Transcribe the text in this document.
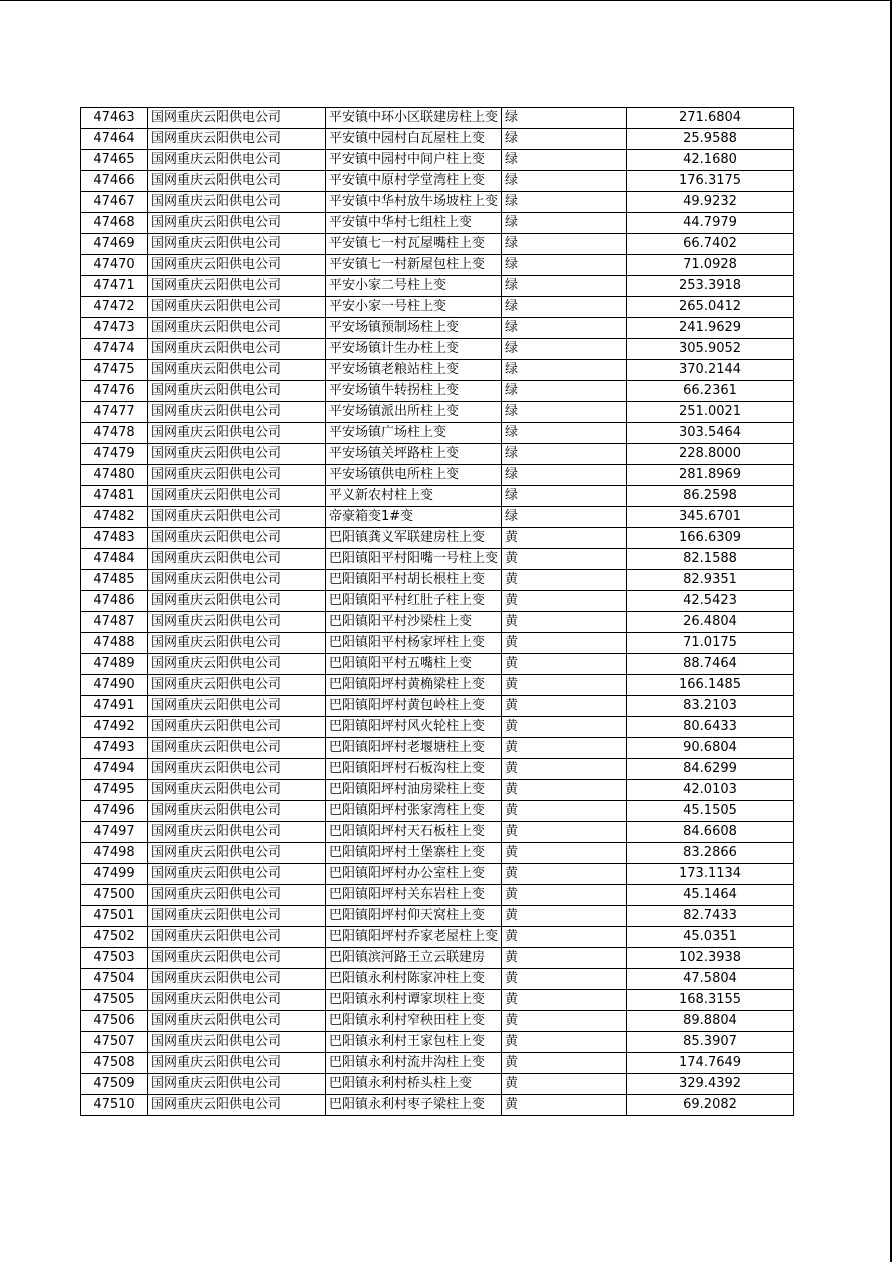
47463	国网重庆云阳供电公司	平安镇中环小区联建房柱上变	绿	271.6804
47464	国网重庆云阳供电公司	平安镇中园村白瓦屋柱上变	绿	25.9588
47465	国网重庆云阳供电公司	平安镇中园村中间户柱上变	绿	42.1680
47466	国网重庆云阳供电公司	平安镇中原村学堂湾柱上变	绿	176.3175
47467	国网重庆云阳供电公司	平安镇中华村放牛场坡柱上变	绿	49.9232
47468	国网重庆云阳供电公司	平安镇中华村七组柱上变	绿	44.7979
47469	国网重庆云阳供电公司	平安镇七一村瓦屋嘴柱上变	绿	66.7402
47470	国网重庆云阳供电公司	平安镇七一村新屋包柱上变	绿	71.0928
47471	国网重庆云阳供电公司	平安小家二号柱上变	绿	253.3918
47472	国网重庆云阳供电公司	平安小家一号柱上变	绿	265.0412
47473	国网重庆云阳供电公司	平安场镇预制场柱上变	绿	241.9629
47474	国网重庆云阳供电公司	平安场镇计生办柱上变	绿	305.9052
47475	国网重庆云阳供电公司	平安场镇老粮站柱上变	绿	370.2144
47476	国网重庆云阳供电公司	平安场镇牛转拐柱上变	绿	66.2361
47477	国网重庆云阳供电公司	平安场镇派出所柱上变	绿	251.0021
47478	国网重庆云阳供电公司	平安场镇广场柱上变	绿	303.5464
47479	国网重庆云阳供电公司	平安场镇关坪路柱上变	绿	228.8000
47480	国网重庆云阳供电公司	平安场镇供电所柱上变	绿	281.8969
47481	国网重庆云阳供电公司	平义新农村柱上变	绿	86.2598
47482	国网重庆云阳供电公司	帝豪箱变1#变	绿	345.6701
47483	国网重庆云阳供电公司	巴阳镇龚义军联建房柱上变	黄	166.6309
47484	国网重庆云阳供电公司	巴阳镇阳平村阳嘴一号柱上变	黄	82.1588
47485	国网重庆云阳供电公司	巴阳镇阳平村胡长根柱上变	黄	82.9351
47486	国网重庆云阳供电公司	巴阳镇阳平村红肚子柱上变	黄	42.5423
47487	国网重庆云阳供电公司	巴阳镇阳平村沙梁柱上变	黄	26.4804
47488	国网重庆云阳供电公司	巴阳镇阳平村杨家坪柱上变	黄	71.0175
47489	国网重庆云阳供电公司	巴阳镇阳平村五嘴柱上变	黄	88.7464
47490	国网重庆云阳供电公司	巴阳镇阳坪村黄桷梁柱上变	黄	166.1485
47491	国网重庆云阳供电公司	巴阳镇阳坪村黄包岭柱上变	黄	83.2103
47492	国网重庆云阳供电公司	巴阳镇阳坪村风火轮柱上变	黄	80.6433
47493	国网重庆云阳供电公司	巴阳镇阳坪村老堰塘柱上变	黄	90.6804
47494	国网重庆云阳供电公司	巴阳镇阳坪村石板沟柱上变	黄	84.6299
47495	国网重庆云阳供电公司	巴阳镇阳坪村油房梁柱上变	黄	42.0103
47496	国网重庆云阳供电公司	巴阳镇阳坪村张家湾柱上变	黄	45.1505
47497	国网重庆云阳供电公司	巴阳镇阳坪村天石板柱上变	黄	84.6608
47498	国网重庆云阳供电公司	巴阳镇阳坪村土堡寨柱上变	黄	83.2866
47499	国网重庆云阳供电公司	巴阳镇阳坪村办公室柱上变	黄	173.1134
47500	国网重庆云阳供电公司	巴阳镇阳坪村关东岩柱上变	黄	45.1464
47501	国网重庆云阳供电公司	巴阳镇阳坪村仰天窝柱上变	黄	82.7433
47502	国网重庆云阳供电公司	巴阳镇阳坪村乔家老屋柱上变	黄	45.0351
47503	国网重庆云阳供电公司	巴阳镇滨河路王立云联建房	黄	102.3938
47504	国网重庆云阳供电公司	巴阳镇永利村陈家冲柱上变	黄	47.5804
47505	国网重庆云阳供电公司	巴阳镇永利村谭家坝柱上变	黄	168.3155
47506	国网重庆云阳供电公司	巴阳镇永利村窄秧田柱上变	黄	89.8804
47507	国网重庆云阳供电公司	巴阳镇永利村王家包柱上变	黄	85.3907
47508	国网重庆云阳供电公司	巴阳镇永利村流井沟柱上变	黄	174.7649
47509	国网重庆云阳供电公司	巴阳镇永利村桥头柱上变	黄	329.4392
47510	国网重庆云阳供电公司	巴阳镇永利村枣子梁柱上变	黄	69.2082
